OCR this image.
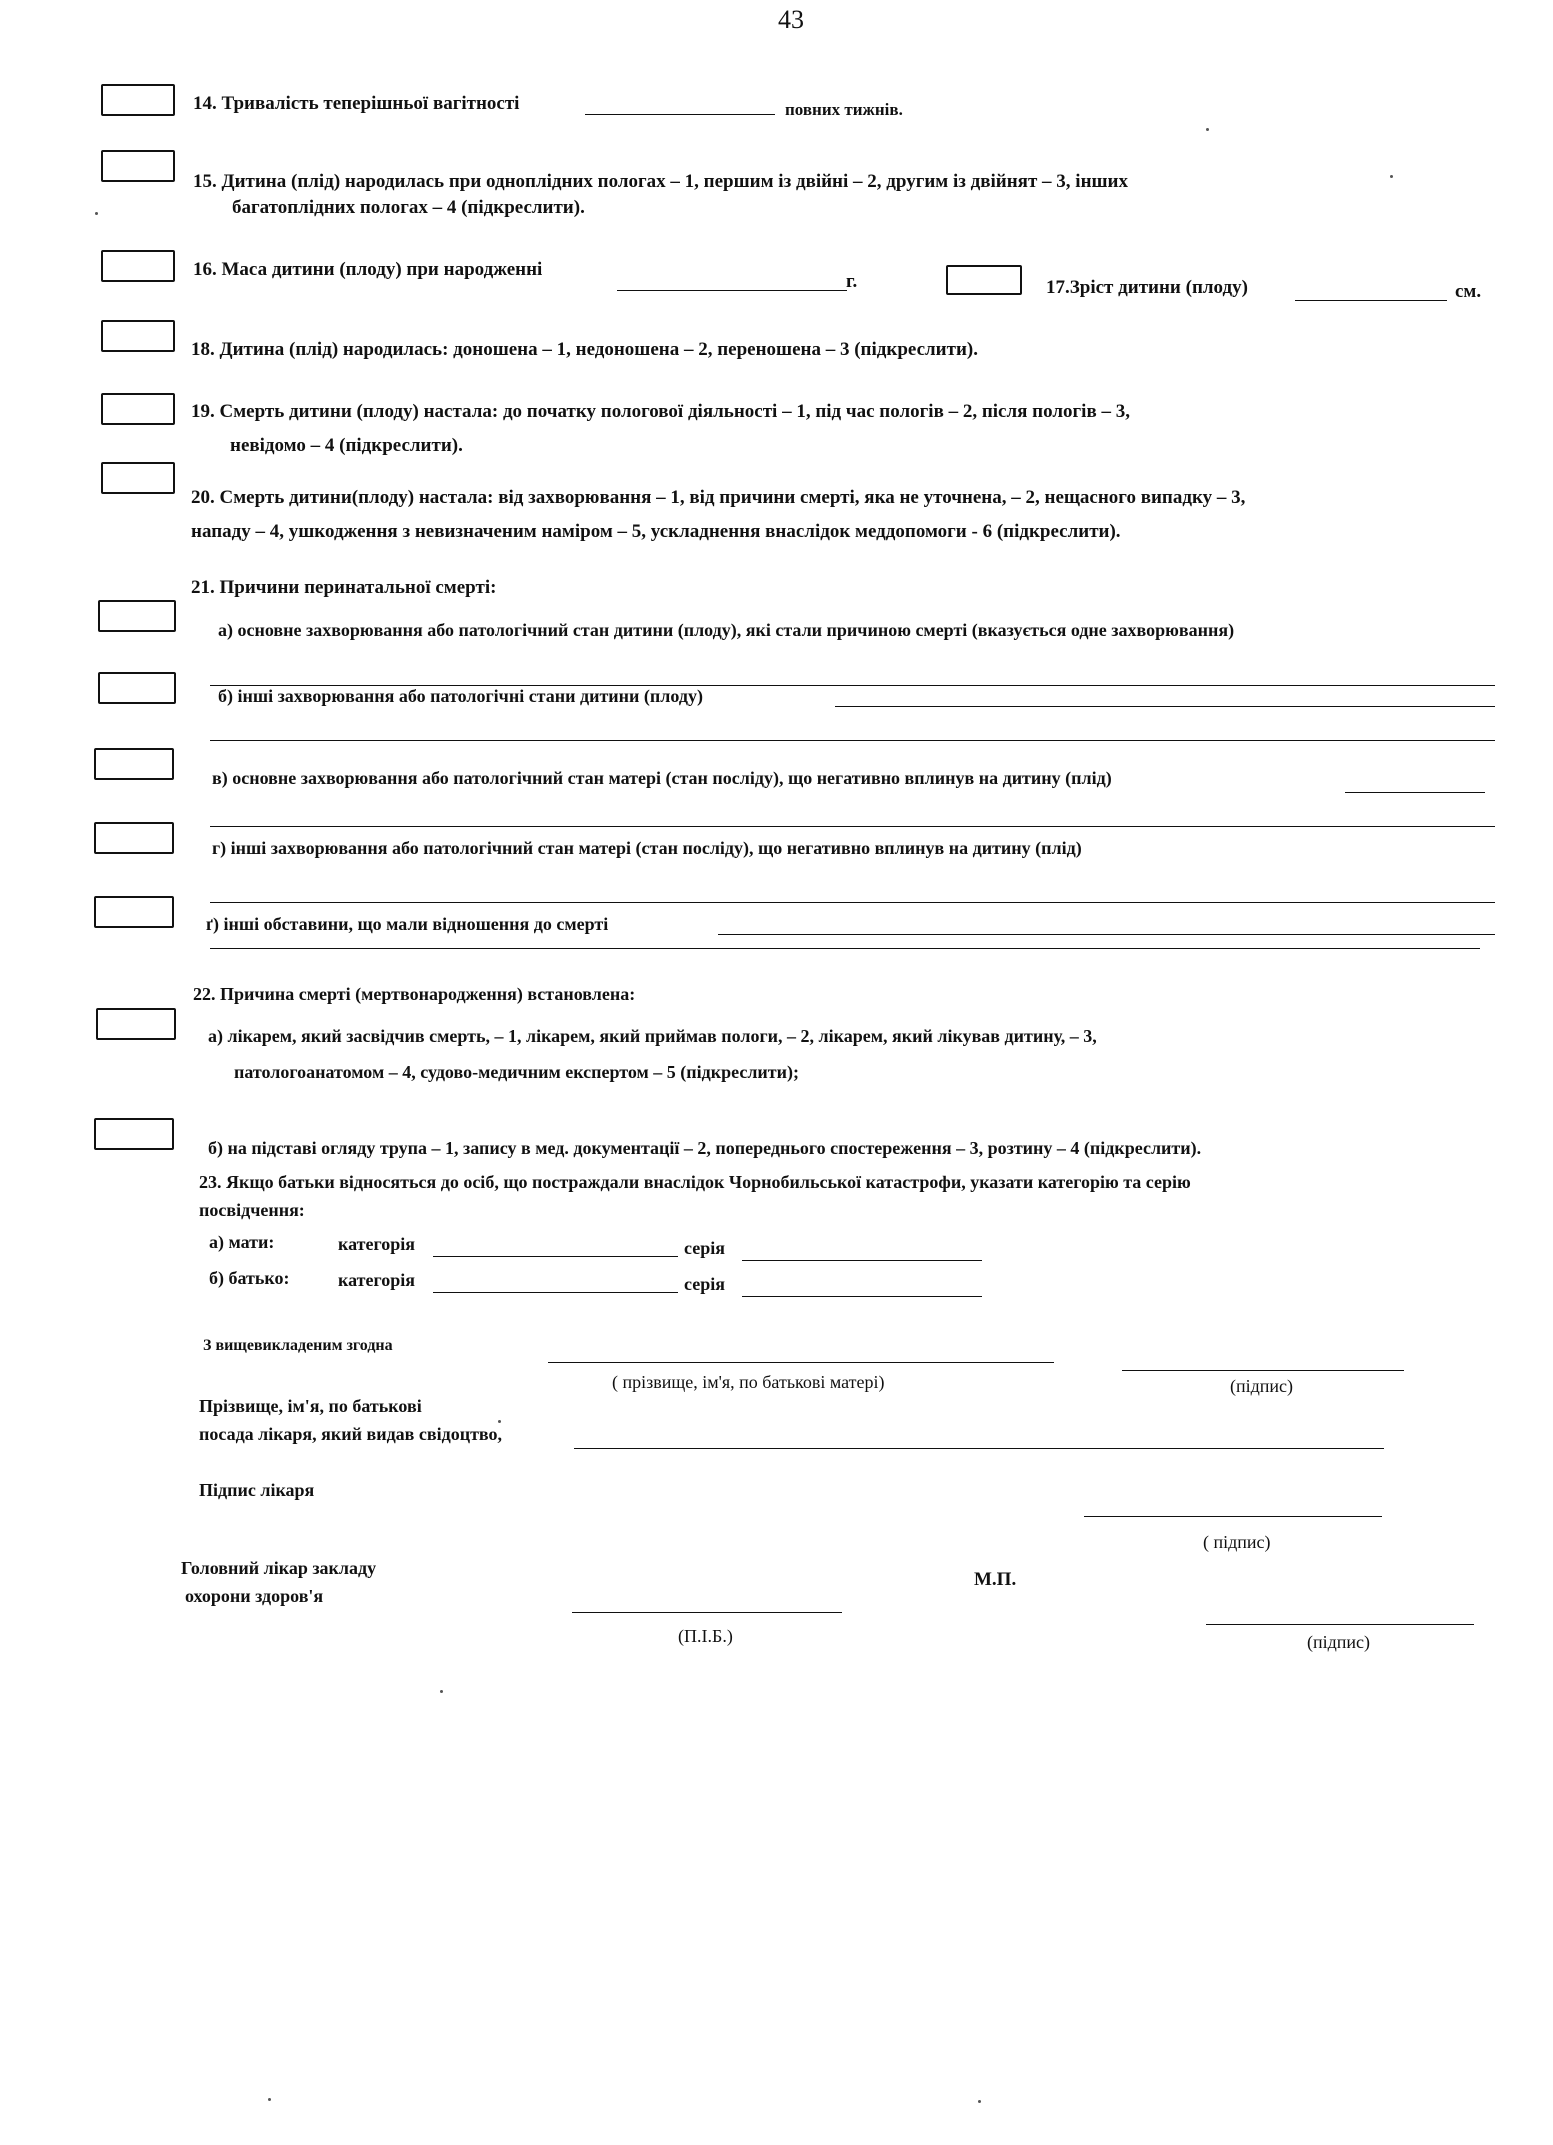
43
14. Тривалість теперішньої вагітності	повних тижнів.
15. Дитина (плід) народилась при одноплідних пологах – 1, першим із двійні – 2, другим із двійнят – 3, інших
багатоплідних пологах – 4 (підкреслити).
16. Маса дитини (плоду) при народженні
г.	17.Зріст дитини (плоду)	см.
18. Дитина (плід) народилась: доношена – 1, недоношена – 2, переношена – 3 (підкреслити).
19. Смерть дитини (плоду) настала: до початку пологової діяльності – 1, під час пологів – 2, після пологів – 3,
невідомо – 4 (підкреслити).
20. Смерть дитини(плоду) настала: від захворювання – 1, від причини смерті, яка не уточнена, – 2, нещасного випадку – 3,
нападу – 4, ушкодження з невизначеним наміром – 5, ускладнення внаслідок меддопомоги - 6 (підкреслити).
21. Причини перинатальної смерті:
а) основне захворювання або патологічний стан дитини (плоду), які стали причиною смерті (вказується одне захворювання)
б) інші захворювання або патологічні стани дитини (плоду)
в) основне захворювання або патологічний стан матері (стан посліду), що негативно вплинув на дитину (плід)
г) інші захворювання або патологічний стан матері (стан посліду), що негативно вплинув на дитину (плід)
ґ) інші обставини, що мали відношення до смерті
22. Причина смерті (мертвонародження) встановлена:
а) лікарем, який засвідчив смерть, – 1, лікарем, який приймав пологи, – 2, лікарем, який лікував дитину, – 3,
патологоанатомом – 4, судово-медичним експертом – 5 (підкреслити);
б) на підставі огляду трупа – 1, запису в мед. документації – 2, попереднього спостереження – 3, розтину – 4 (підкреслити).
23. Якщо батьки відносяться до осіб, що постраждали внаслідок Чорнобильської катастрофи, указати категорію та серію
посвідчення:
а) мати:	категорія	серія
б) батько:	категорія	серія
З вищевикладеним згодна
( прізвище, ім'я, по батькові матері)	(підпис)
Прізвище, ім'я, по батькові
посада лікаря, який видав свідоцтво,
Підпис лікаря
( підпис)
Головний лікар закладу
охорони здоров'я
М.П.
(П.І.Б.)	(підпис)
